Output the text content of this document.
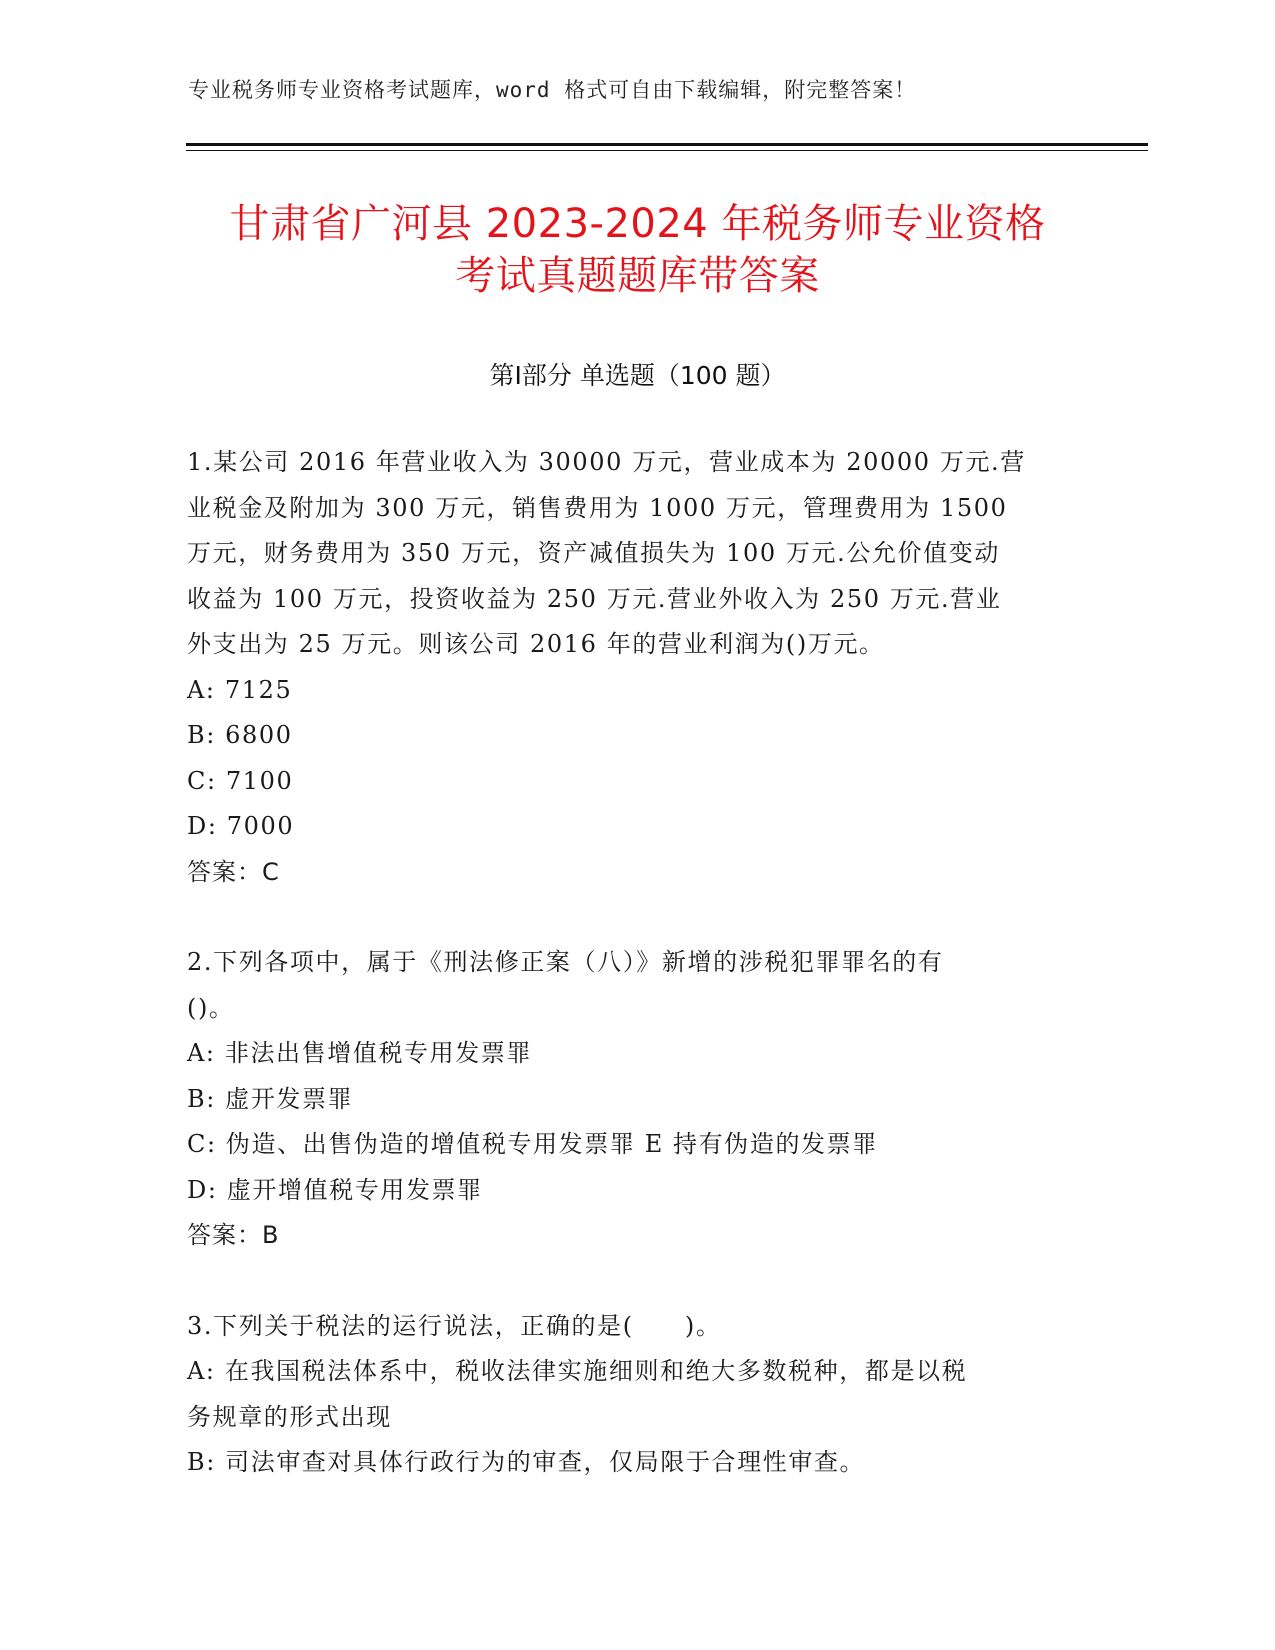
专业税务师专业资格考试题库，word 格式可自由下载编辑，附完整答案！
甘肃省广河县 2023-2024 年税务师专业资格
考试真题题库带答案
第Ⅰ部分 单选题（100 题）

1.某公司 2016 年营业收入为 30000 万元，营业成本为 20000 万元.营

业税金及附加为 300 万元，销售费用为 1000 万元，管理费用为 1500

万元，财务费用为 350 万元，资产减值损失为 100 万元.公允价值变动

收益为 100 万元，投资收益为 250 万元.营业外收入为 250 万元.营业

外支出为 25 万元。则该公司 2016 年的营业利润为()万元。

A: 7125

B: 6800

C: 7100

D: 7000

答案：C

2.下列各项中，属于《刑法修正案（八）》新增的涉税犯罪罪名的有

()。

A: 非法出售增值税专用发票罪

B: 虚开发票罪

C: 伪造、出售伪造的增值税专用发票罪 E 持有伪造的发票罪

D: 虚开增值税专用发票罪

答案：B

3.下列关于税法的运行说法，正确的是(　　)。

A: 在我国税法体系中，税收法律实施细则和绝大多数税种，都是以税

务规章的形式出现

B: 司法审查对具体行政行为的审查，仅局限于合理性审查。
